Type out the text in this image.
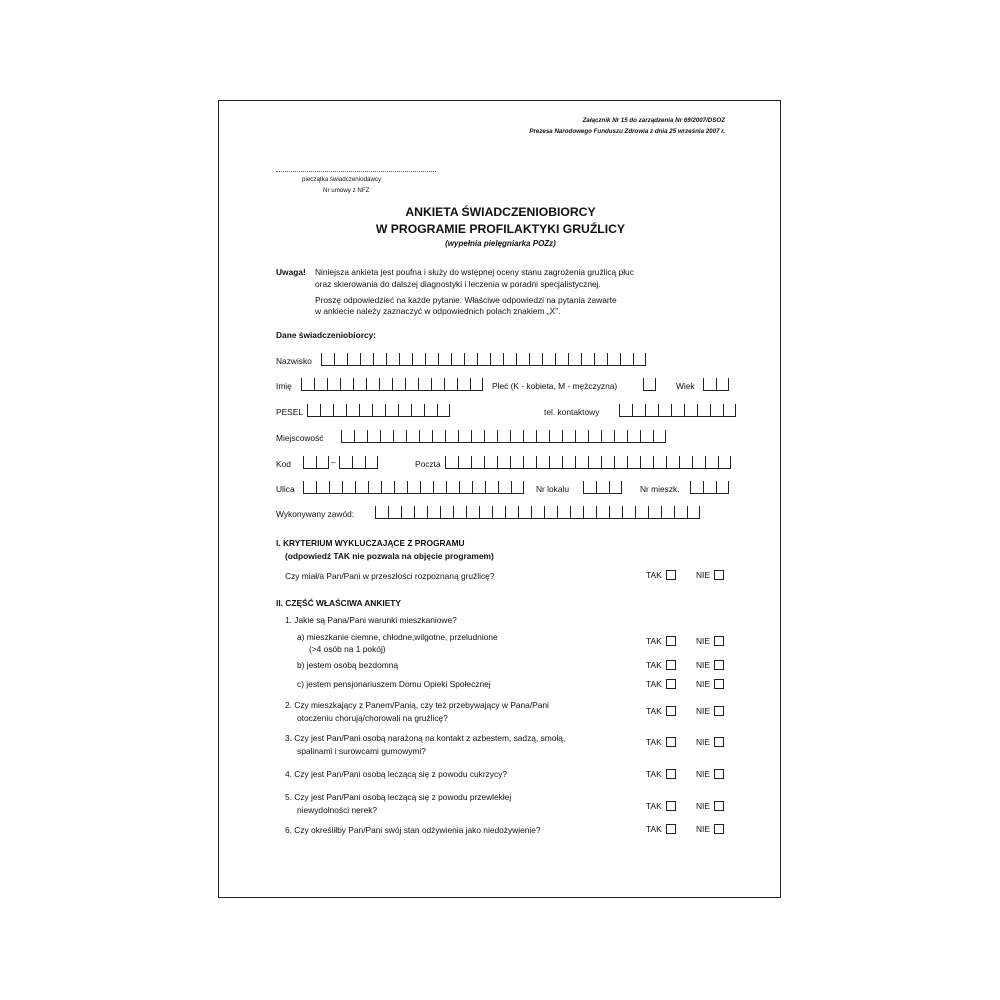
Załącznik Nr 15 do zarządzenia Nr 69/2007/DSOZ
Prezesa Narodowego Funduszu Zdrowia z dnia 25 września 2007 r.
pieczątka świadczeniodawcy
Nr umowy z NFZ
ANKIETA ŚWIADCZENIOBIORCY
W PROGRAMIE PROFILAKTYKI GRUŹLICY
(wypełnia pielęgniarka POZz)
Uwaga! Niniejsza ankieta jest poufna i służy do wstępnej oceny stanu zagrożenia gruźlicą płuc
oraz skierowania do dalszej diagnostyki i leczenia w poradni specjalistycznej.
Proszę odpowiedzieć na każde pytanie. Właściwe odpowiedzi na pytania zawarte
w ankiecie należy zaznaczyć w odpowiednich polach znakiem „X”.
Dane świadczeniobiorcy:
Nazwisko
Imię	Płeć (K - kobieta, M - mężczyzna)	Wiek
PESEL	tel. kontaktowy
Miejscowość
Kod	–	Poczta
Ulica	Nr lokalu	Nr mieszk.
Wykonywany zawód:
I. KRYTERIUM WYKLUCZAJĄCE Z PROGRAMU
(odpowiedź TAK nie pozwala na objęcie programem)
Czy miał/a Pan/Pani w przeszłości rozpoznaną gruźlicę?	TAK	NIE
II. CZĘŚĆ WŁAŚCIWA ANKIETY
1. Jakie są Pana/Pani warunki mieszkaniowe?
a) mieszkanie ciemne, chłodne,wilgotne, przeludnione
(>4 osób na 1 pokój)
TAK	NIE
b) jestem osobą bezdomną	TAK	NIE
c) jestem pensjonariuszem Domu Opieki Społecznej	TAK	NIE
2. Czy mieszkający z Panem/Panią, czy też przebywający w Pana/Pani
otoczeniu chorują/chorowali na gruźlicę?
TAK	NIE
3. Czy jest Pan/Pani osobą narażoną na kontakt z azbestem, sadzą, smołą,
spalinami i surowcami gumowymi?
TAK	NIE
4. Czy jest Pan/Pani osobą leczącą się z powodu cukrzycy?	TAK	NIE
5. Czy jest Pan/Pani osobą leczącą się z powodu przewlekłej
niewydolności nerek?	TAK	NIE
6. Czy określiłby Pan/Pani swój stan odżywienia jako niedożywienie?	TAK	NIE
